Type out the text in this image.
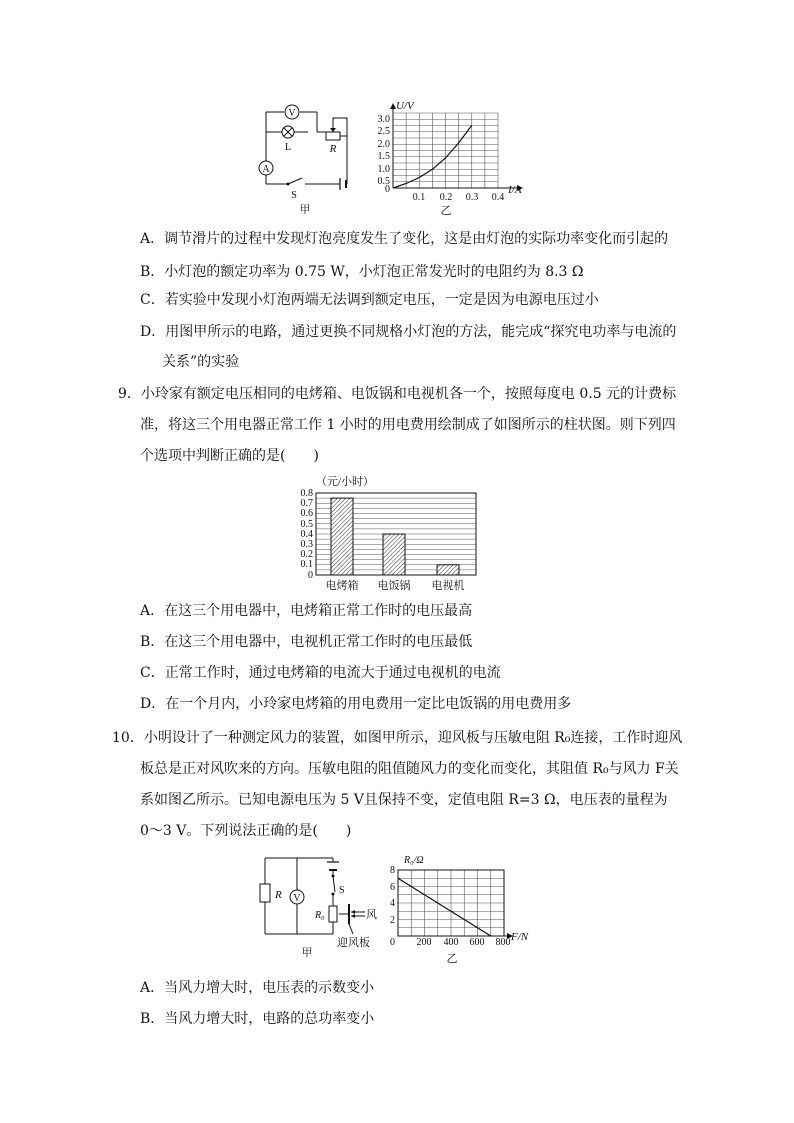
V
L	R
A
S
甲
U/V
I/A
3.0
2.5
2.0
1.5
1.0
0.5
0
0.1 0.2 0.3 0.4
乙
A．调节滑片的过程中发现灯泡亮度发生了变化，这是由灯泡的实际功率变化而引起的
B．小灯泡的额定功率为 0.75 W，小灯泡正常发光时的电阻约为 8.3 Ω
C．若实验中发现小灯泡两端无法调到额定电压，一定是因为电源电压过小
D．用图甲所示的电路，通过更换不同规格小灯泡的方法，能完成“探究电功率与电流的
关系”的实验
9．小玲家有额定电压相同的电烤箱、电饭锅和电视机各一个，按照每度电 0.5 元的计费标
准，将这三个用电器正常工作 1 小时的用电费用绘制成了如图所示的柱状图。则下列四
个选项中判断正确的是(　　)
（元/小时）
0.8
0.7
0.6
0.5
0.4
0.3
0.2
0.1
0
电烤箱 电饭锅 电视机
A．在这三个用电器中，电烤箱正常工作时的电压最高
B．在这三个用电器中，电视机正常工作时的电压最低
C．正常工作时，通过电烤箱的电流大于通过电视机的电流
D．在一个月内，小玲家电烤箱的用电费用一定比电饭锅的用电费用多
10．小明设计了一种测定风力的装置，如图甲所示，迎风板与压敏电阻 R₀连接，工作时迎风
板总是正对风吹来的方向。压敏电阻的阻值随风力的变化而变化，其阻值 R₀与风力 F关
系如图乙所示。已知电源电压为 5 V且保持不变，定值电阻 R=3 Ω，电压表的量程为
0～3 V。下列说法正确的是(　　)
R V
S
R₀	风
迎风板
甲
R₀/Ω
F/N
8
6
4
2
0 200 400 600 800
乙
A．当风力增大时，电压表的示数变小
B．当风力增大时，电路的总功率变小
